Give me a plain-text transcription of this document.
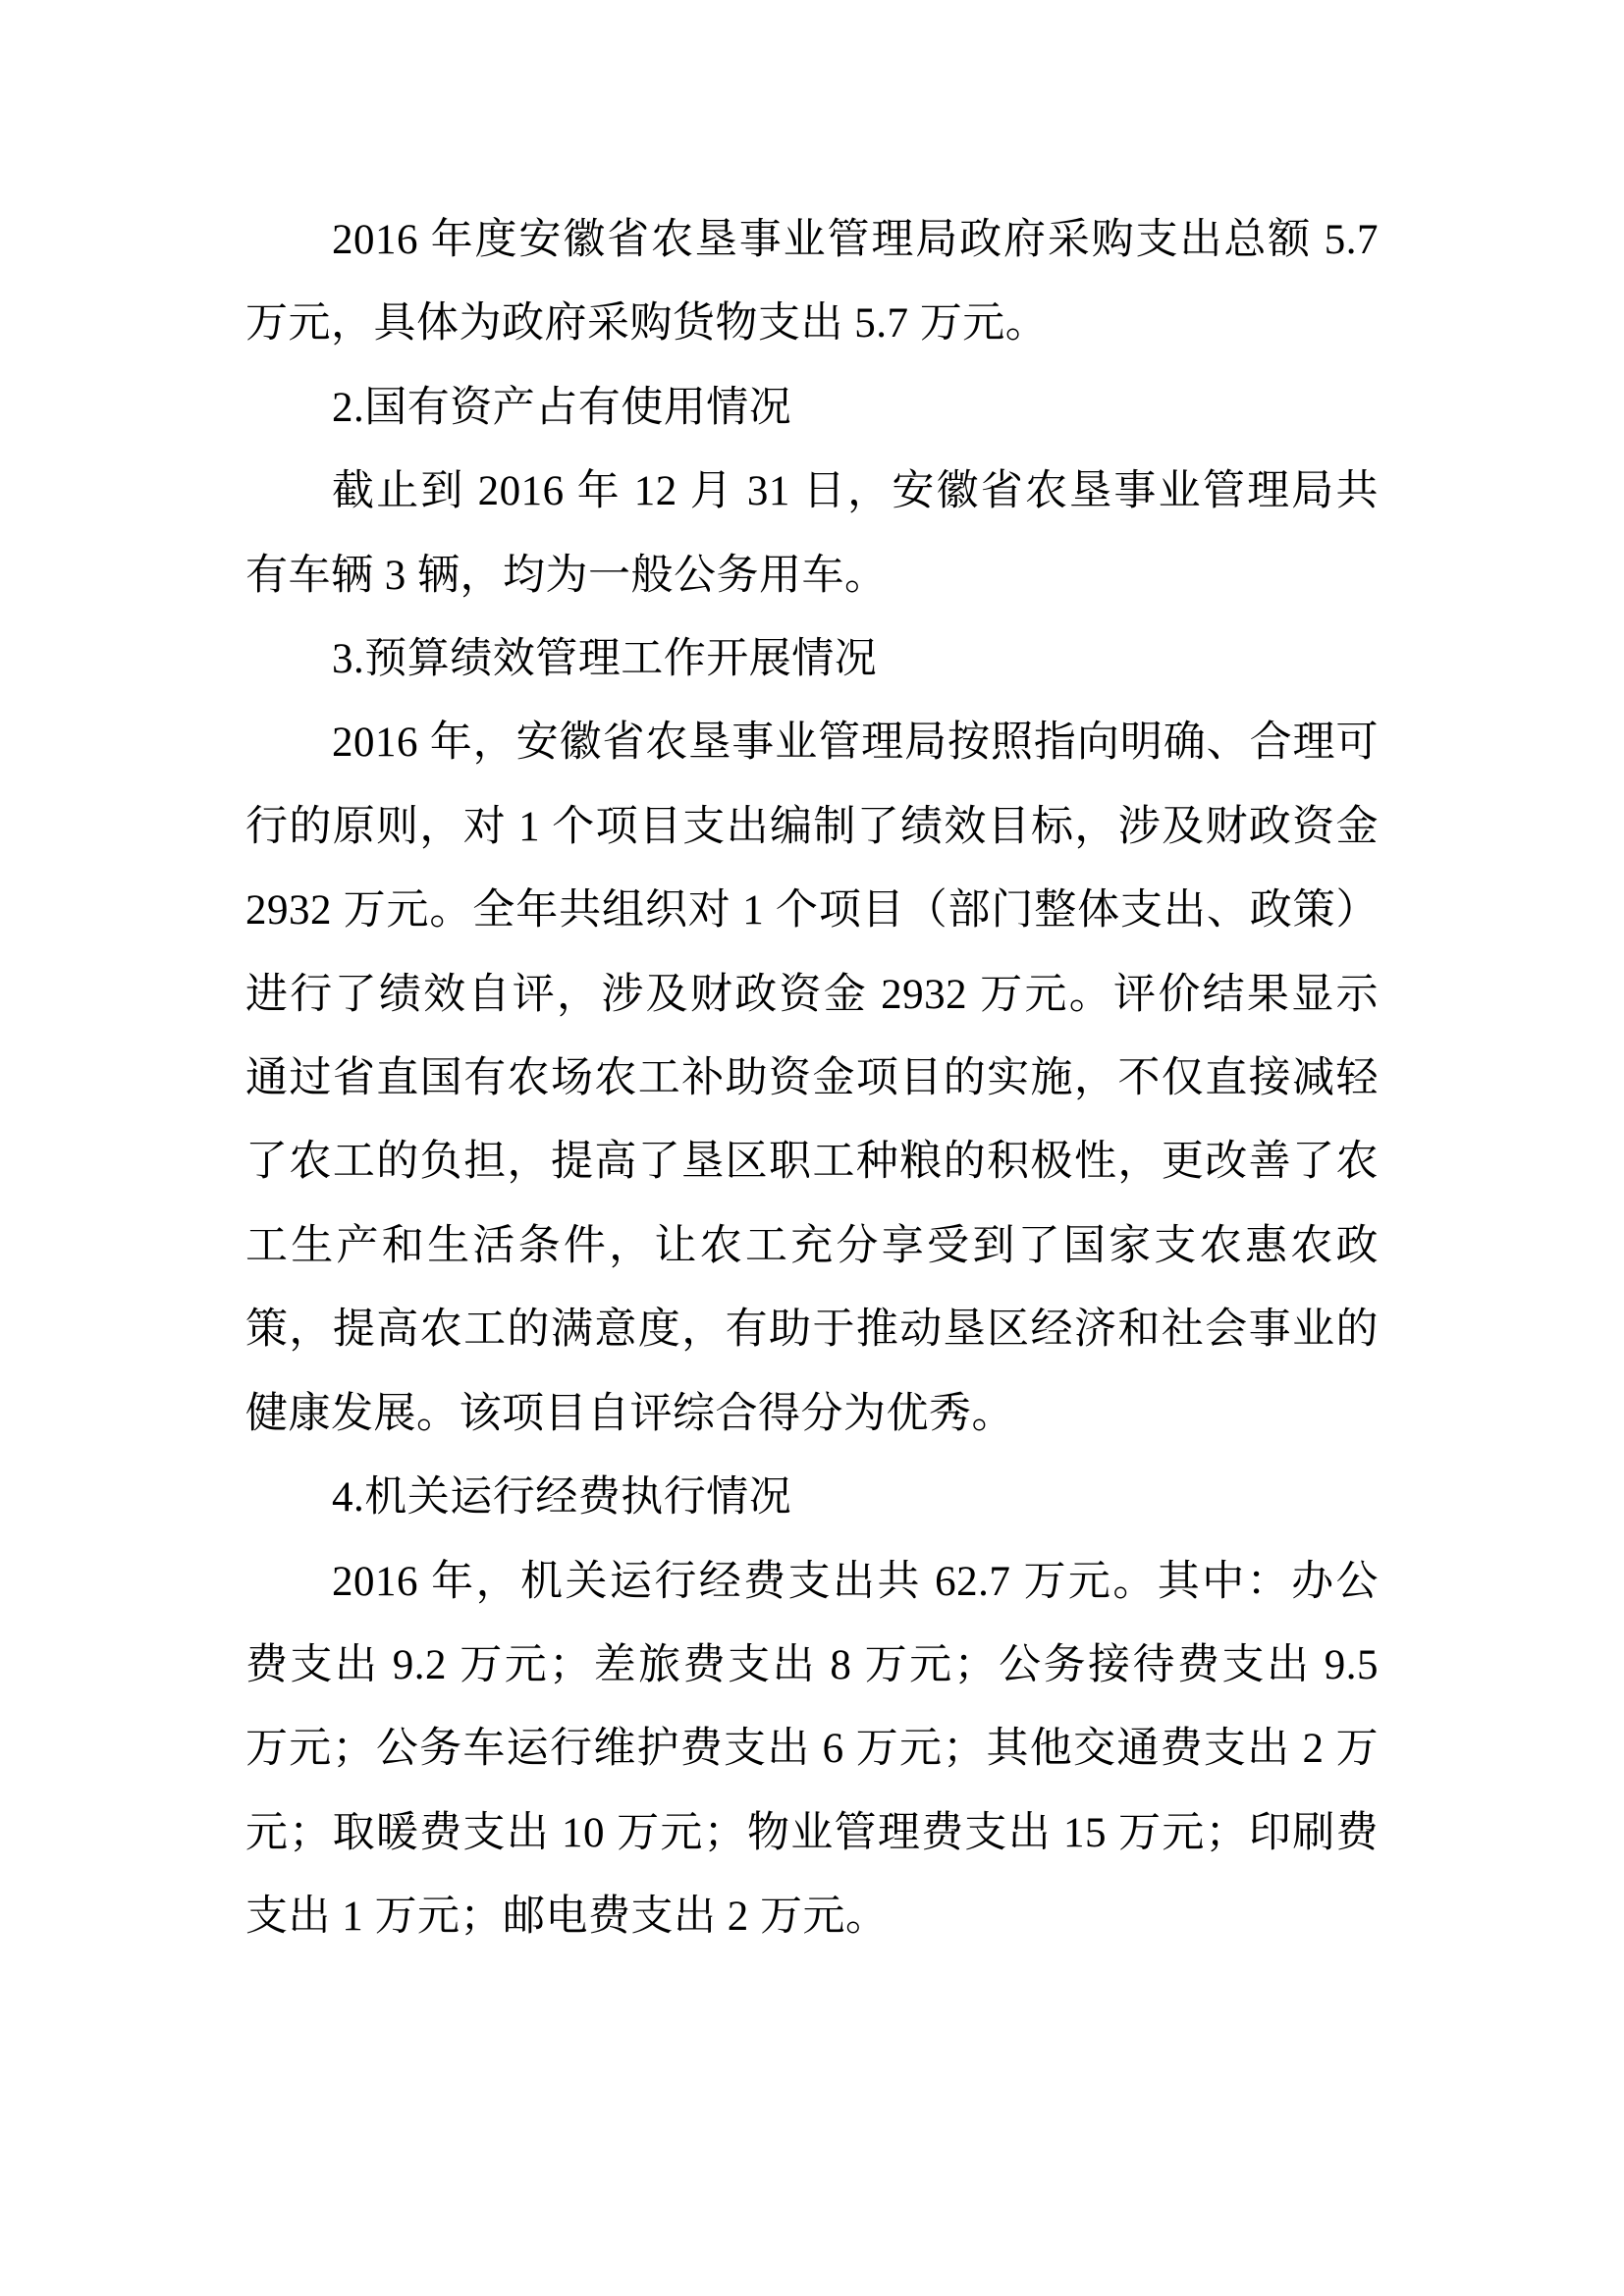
2016 年度安徽省农垦事业管理局政府采购支出总额 5.7
万元，具体为政府采购货物支出 5.7 万元。
2.国有资产占有使用情况
截止到 2016 年 12 月 31 日，安徽省农垦事业管理局共
有车辆 3 辆，均为一般公务用车。
3.预算绩效管理工作开展情况
2016 年，安徽省农垦事业管理局按照指向明确、合理可
行的原则，对 1 个项目支出编制了绩效目标，涉及财政资金
2932 万元。全年共组织对 1 个项目（部门整体支出、政策）
进行了绩效自评，涉及财政资金 2932 万元。评价结果显示
通过省直国有农场农工补助资金项目的实施，不仅直接减轻
了农工的负担，提高了垦区职工种粮的积极性，更改善了农
工生产和生活条件，让农工充分享受到了国家支农惠农政
策，提高农工的满意度，有助于推动垦区经济和社会事业的
健康发展。该项目自评综合得分为优秀。
4.机关运行经费执行情况
2016 年，机关运行经费支出共 62.7 万元。其中：办公
费支出 9.2 万元；差旅费支出 8 万元；公务接待费支出 9.5
万元；公务车运行维护费支出 6 万元；其他交通费支出 2 万
元；取暖费支出 10 万元；物业管理费支出 15 万元；印刷费
支出 1 万元；邮电费支出 2 万元。
